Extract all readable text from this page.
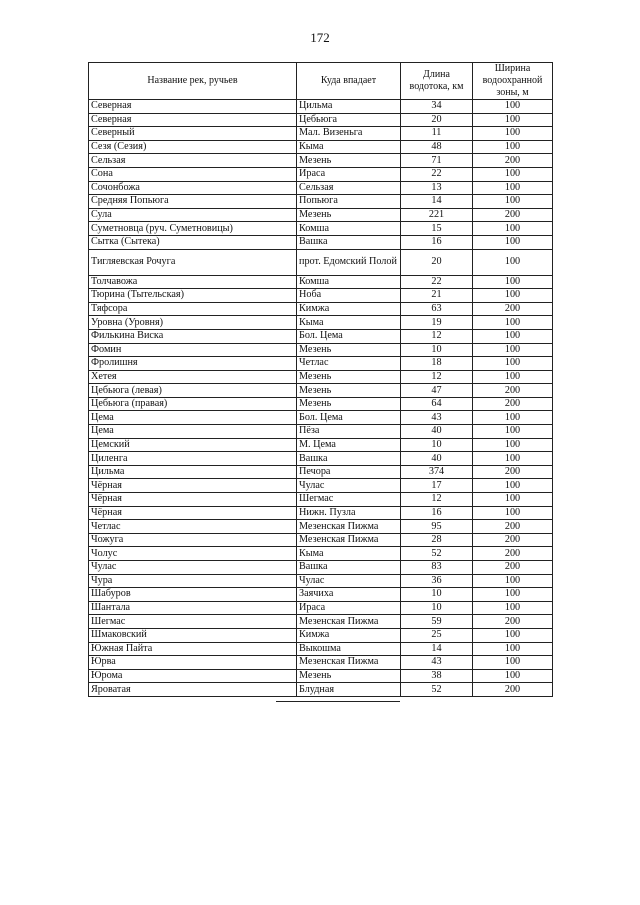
172
Название рек, ручьев	Куда впадает	Длина водотока, км	Ширина водоохранной зоны, м
Северная	Цильма	34	100
Северная	Цебьюга	20	100
Северный	Мал. Визеньга	11	100
Сезя (Сезия)	Кыма	48	100
Сельзая	Мезень	71	200
Сона	Ираса	22	100
Сочонбожа	Сельзая	13	100
Средняя Попьюга	Попьюга	14	100
Сула	Мезень	221	200
Суметновца (руч. Суметновицы)	Комша	15	100
Сытка (Сытека)	Вашка	16	100
Тигляевская Рочуга	прот. Едомский Полой	20	100
Толчавожа	Комша	22	100
Тюрина (Тытельская)	Ноба	21	100
Тяфсора	Кимжа	63	200
Уровна (Уровня)	Кыма	19	100
Филькина Виска	Бол. Цема	12	100
Фомин	Мезень	10	100
Фролишня	Четлас	18	100
Хетея	Мезень	12	100
Цебьюга (левая)	Мезень	47	200
Цебьюга (правая)	Мезень	64	200
Цема	Бол. Цема	43	100
Цема	Пёза	40	100
Цемский	М. Цема	10	100
Циленга	Вашка	40	100
Цильма	Печора	374	200
Чёрная	Чулас	17	100
Чёрная	Шегмас	12	100
Чёрная	Нижн. Пузла	16	100
Четлас	Мезенская Пижма	95	200
Чожуга	Мезенская Пижма	28	200
Чолус	Кыма	52	200
Чулас	Вашка	83	200
Чура	Чулас	36	100
Шабуров	Заячиха	10	100
Шантала	Ираса	10	100
Шегмас	Мезенская Пижма	59	200
Шмаковский	Кимжа	25	100
Южная Пайта	Выкошма	14	100
Юрва	Мезенская Пижма	43	100
Юрома	Мезень	38	100
Яроватая	Блудная	52	200
